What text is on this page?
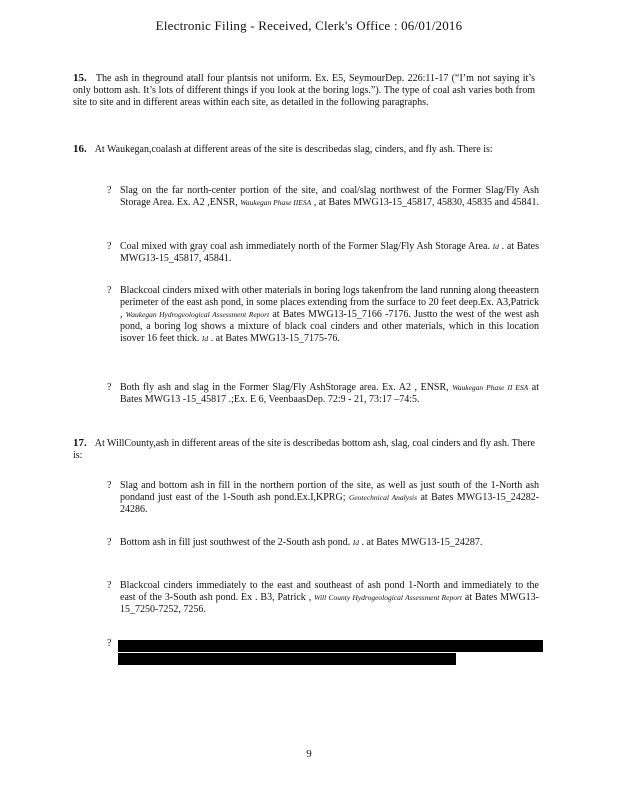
Electronic Filing - Received, Clerk's Office : 06/01/2016
15. The ash in theground atall four plantsis not uniform. Ex. E5, SeymourDep. 226:11-17 (“I’m not saying it’s only bottom ash. It’s lots of different things if you look at the boring logs.”). The type of coal ash varies both from site to site and in different areas within each site, as detailed in the following paragraphs.
16. At Waukegan,coalash at different areas of the site is describedas slag, cinders, and fly ash. There is:
? Slag on the far north-center portion of the site, and coal/slag northwest of the Former Slag/Fly Ash Storage Area. Ex. A2 ,ENSR, Waukegan Phase IIESA , at Bates MWG13-15_45817, 45830, 45835 and 45841.
? Coal mixed with gray coal ash immediately north of the Former Slag/Fly Ash Storage Area. Id . at Bates MWG13-15_45817, 45841.
? Blackcoal cinders mixed with other materials in boring logs takenfrom the land running along theeastern perimeter of the east ash pond, in some places extending from the surface to 20 feet deep.Ex. A3,Patrick , Waukegan Hydrogeological Assessment Report at Bates MWG13-15_7166 -7176. Justto the west of the west ash pond, a boring log shows a mixture of black coal cinders and other materials, which in this location isover 16 feet thick. Id . at Bates MWG13-15_7175-76.
? Both fly ash and slag in the Former Slag/Fly AshStorage area. Ex. A2 , ENSR, Waukegan Phase II ESA at Bates MWG13 -15_45817 .;Ex. E 6, VeenbaasDep. 72:9 - 21, 73:17 –74:5.
17. At WillCounty,ash in different areas of the site is describedas bottom ash, slag, coal cinders and fly ash. There is:
? Slag and bottom ash in fill in the northern portion of the site, as well as just south of the 1-North ash pondand just east of the 1-South ash pond.Ex.I,KPRG; Geotechnical Analysis at Bates MWG13-15_24282-24286.
? Bottom ash in fill just southwest of the 2-South ash pond. Id . at Bates MWG13-15_24287.
? Blackcoal cinders immediately to the east and southeast of ash pond 1-North and immediately to the east of the 3-South ash pond. Ex . B3, Patrick , Will County Hydrogeological Assessment Report at Bates MWG13-15_7250-7252, 7256.
?
9
